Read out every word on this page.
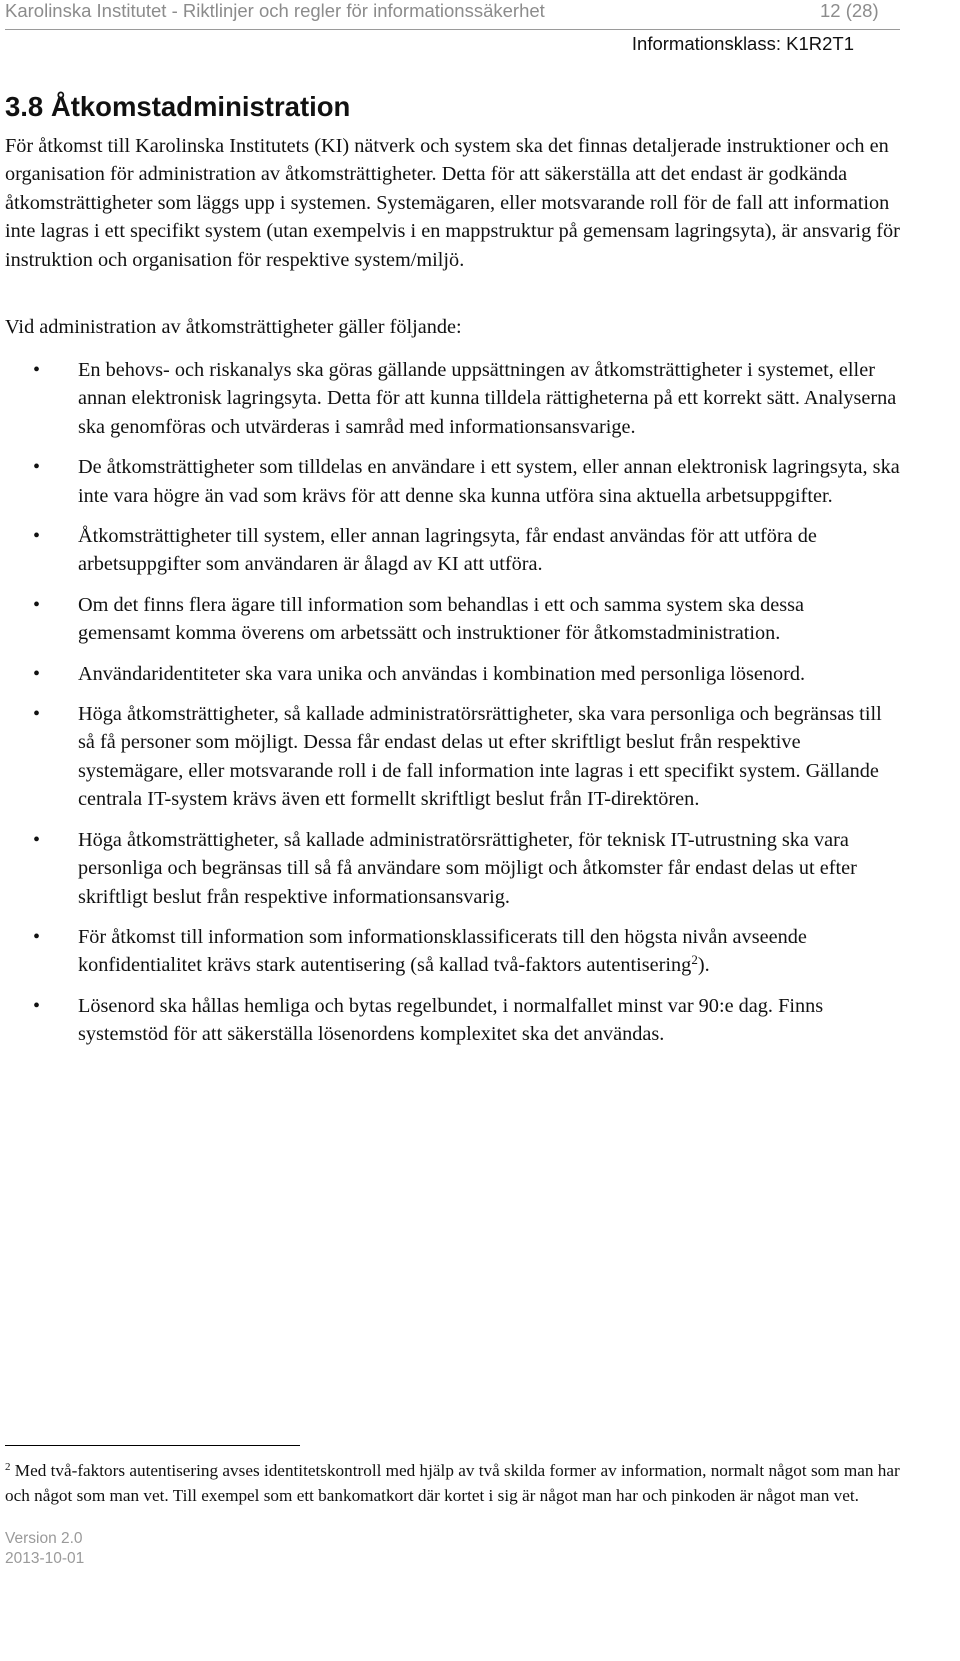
Karolinska Institutet - Riktlinjer och regler för informationssäkerhet	12 (28)
Informationsklass: K1R2T1
3.8 Åtkomstadministration

För åtkomst till Karolinska Institutets (KI) nätverk och system ska det finnas detaljerade instruktioner och en organisation för administration av åtkomsträttigheter. Detta för att säkerställa att det endast är godkända åtkomsträttigheter som läggs upp i systemen. Systemägaren, eller motsvarande roll för de fall att information inte lagras i ett specifikt system (utan exempelvis i en mappstruktur på gemensam lagringsyta), är ansvarig för instruktion och organisation för respektive system/miljö.

Vid administration av åtkomsträttigheter gäller följande:

• En behovs- och riskanalys ska göras gällande uppsättningen av åtkomsträttigheter i systemet, eller annan elektronisk lagringsyta. Detta för att kunna tilldela rättigheterna på ett korrekt sätt. Analyserna ska genomföras och utvärderas i samråd med informationsansvarige.
• De åtkomsträttigheter som tilldelas en användare i ett system, eller annan elektronisk lagringsyta, ska inte vara högre än vad som krävs för att denne ska kunna utföra sina aktuella arbetsuppgifter.
• Åtkomsträttigheter till system, eller annan lagringsyta, får endast användas för att utföra de arbetsuppgifter som användaren är ålagd av KI att utföra.
• Om det finns flera ägare till information som behandlas i ett och samma system ska dessa gemensamt komma överens om arbetssätt och instruktioner för åtkomstadministration.
• Användaridentiteter ska vara unika och användas i kombination med personliga lösenord.
• Höga åtkomsträttigheter, så kallade administratörsrättigheter, ska vara personliga och begränsas till så få personer som möjligt. Dessa får endast delas ut efter skriftligt beslut från respektive systemägare, eller motsvarande roll i de fall information inte lagras i ett specifikt system. Gällande centrala IT-system krävs även ett formellt skriftligt beslut från IT-direktören.
• Höga åtkomsträttigheter, så kallade administratörsrättigheter, för teknisk IT-utrustning ska vara personliga och begränsas till så få användare som möjligt och åtkomster får endast delas ut efter skriftligt beslut från respektive informationsansvarig.
• För åtkomst till information som informationsklassificerats till den högsta nivån avseende konfidentialitet krävs stark autentisering (så kallad två-faktors autentisering$^2$).
• Lösenord ska hållas hemliga och bytas regelbundet, i normalfallet minst var 90:e dag. Finns systemstöd för att säkerställa lösenordens komplexitet ska det användas.
$^2$ Med två-faktors autentisering avses identitetskontroll med hjälp av två skilda former av information, normalt något som man har och något som man vet. Till exempel som ett bankomatkort där kortet i sig är något man har och pinkoden är något man vet.
Version 2.0
2013-10-01
